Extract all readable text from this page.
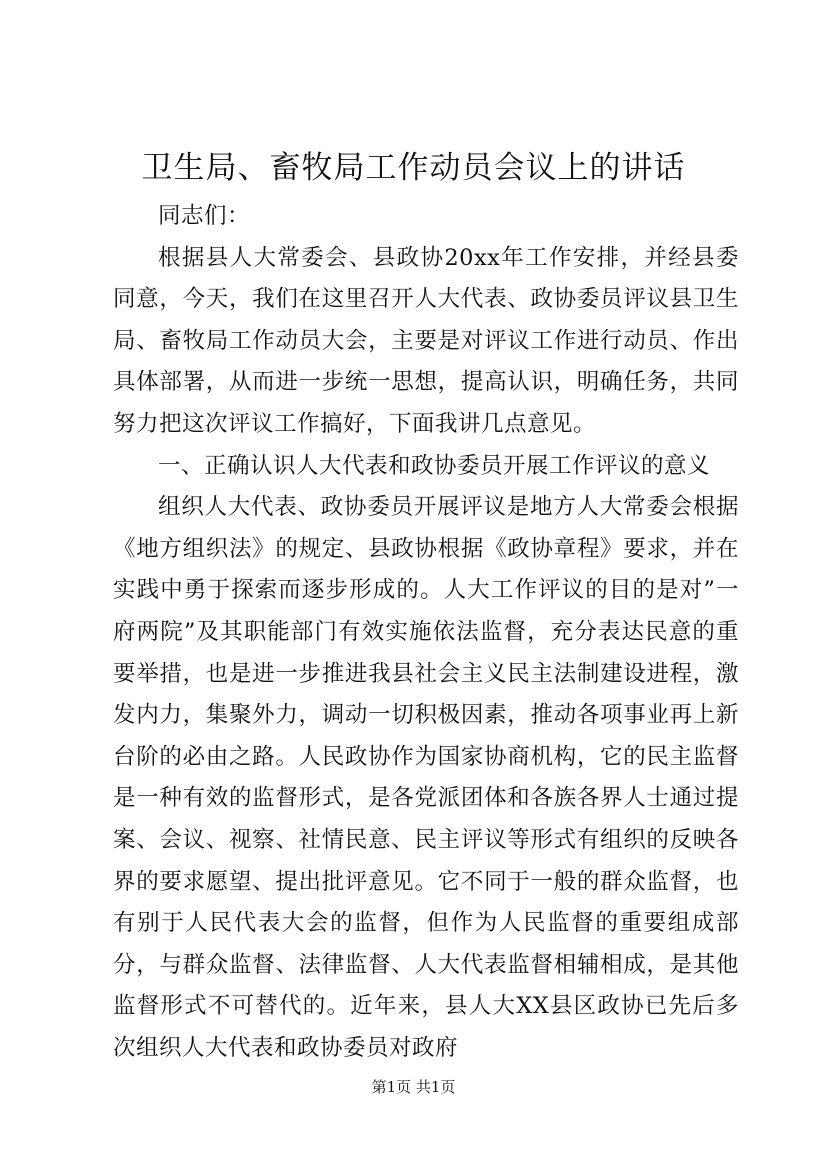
卫生局、畜牧局工作动员会议上的讲话

同志们：

根据县人大常委会、县政协20xx年工作安排，并经县委同意，今天，我们在这里召开人大代表、政协委员评议县卫生局、畜牧局工作动员大会，主要是对评议工作进行动员、作出具体部署，从而进一步统一思想，提高认识，明确任务，共同努力把这次评议工作搞好，下面我讲几点意见。

一、正确认识人大代表和政协委员开展工作评议的意义

组织人大代表、政协委员开展评议是地方人大常委会根据《地方组织法》的规定、县政协根据《政协章程》要求，并在实践中勇于探索而逐步形成的。人大工作评议的目的是对”一府两院”及其职能部门有效实施依法监督，充分表达民意的重要举措，也是进一步推进我县社会主义民主法制建设进程，激发内力，集聚外力，调动一切积极因素，推动各项事业再上新台阶的必由之路。人民政协作为国家协商机构，它的民主监督是一种有效的监督形式，是各党派团体和各族各界人士通过提案、会议、视察、社情民意、民主评议等形式有组织的反映各界的要求愿望、提出批评意见。它不同于一般的群众监督，也有别于人民代表大会的监督，但作为人民监督的重要组成部分，与群众监督、法律监督、人大代表监督相辅相成，是其他监督形式不可替代的。近年来，县人大XX县区政协已先后多次组织人大代表和政协委员对政府

第1页 共1页
